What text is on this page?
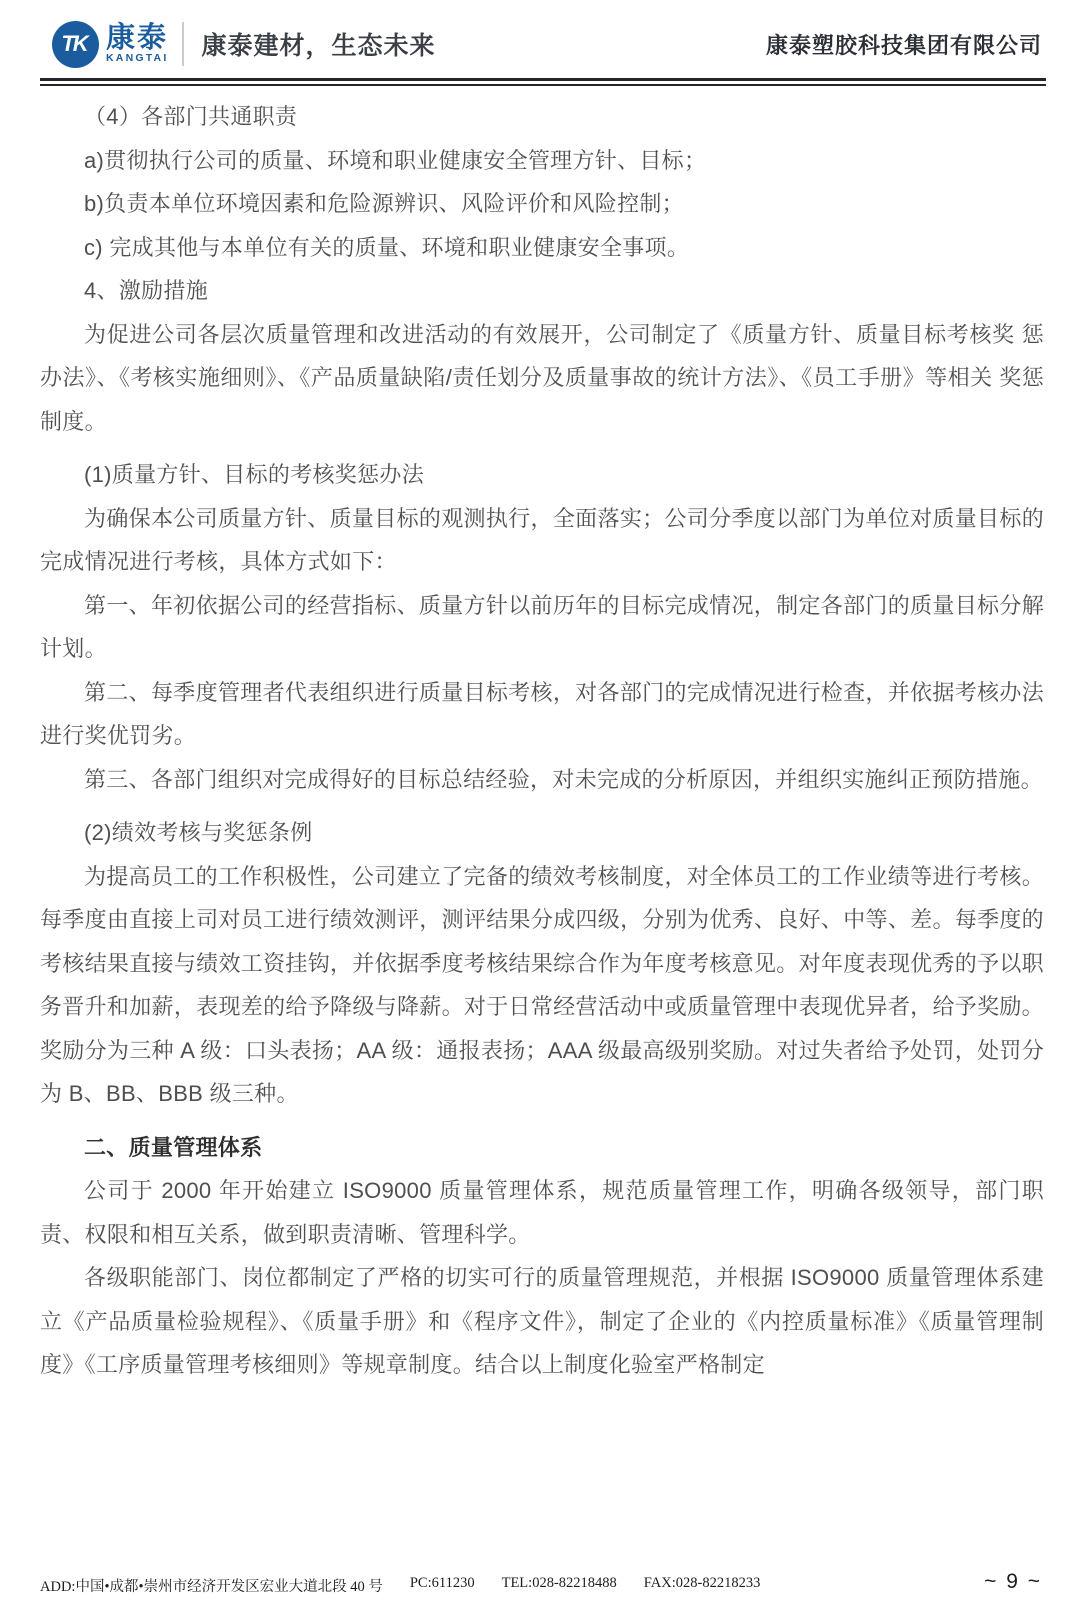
TK 康泰
KANGTAI 康泰建材，生态未来	康泰塑胶科技集团有限公司

（4）各部门共通职责

a)贯彻执行公司的质量、环境和职业健康安全管理方针、目标；

b)负责本单位环境因素和危险源辨识、风险评价和风险控制；

c) 完成其他与本单位有关的质量、环境和职业健康安全事项。

4、激励措施

为促进公司各层次质量管理和改进活动的有效展开，公司制定了《质量方针、质量目标考核奖 惩办法》、《考核实施细则》、《产品质量缺陷/责任划分及质量事故的统计方法》、《员工手册》等相关 奖惩制度。

(1)质量方针、目标的考核奖惩办法

为确保本公司质量方针、质量目标的观测执行，全面落实；公司分季度以部门为单位对质量目标的完成情况进行考核，具体方式如下：

第一、年初依据公司的经营指标、质量方针以前历年的目标完成情况，制定各部门的质量目标分解计划。

第二、每季度管理者代表组织进行质量目标考核，对各部门的完成情况进行检查，并依据考核办法进行奖优罚劣。

第三、各部门组织对完成得好的目标总结经验，对未完成的分析原因，并组织实施纠正预防措施。

(2)绩效考核与奖惩条例

为提高员工的工作积极性，公司建立了完备的绩效考核制度，对全体员工的工作业绩等进行考核。每季度由直接上司对员工进行绩效测评，测评结果分成四级，分别为优秀、良好、中等、差。每季度的考核结果直接与绩效工资挂钩，并依据季度考核结果综合作为年度考核意见。对年度表现优秀的予以职务晋升和加薪，表现差的给予降级与降薪。对于日常经营活动中或质量管理中表现优异者，给予奖励。奖励分为三种 A 级：口头表扬；AA 级：通报表扬；AAA 级最高级别奖励。对过失者给予处罚，处罚分为 B、BB、BBB 级三种。

二、质量管理体系

公司于 2000 年开始建立 ISO9000 质量管理体系，规范质量管理工作，明确各级领导，部门职责、权限和相互关系，做到职责清晰、管理科学。

各级职能部门、岗位都制定了严格的切实可行的质量管理规范，并根据 ISO9000 质量管理体系建立《产品质量检验规程》、《质量手册》和《程序文件》，制定了企业的《内控质量标准》《质量管理制度》《工序质量管理考核细则》等规章制度。结合以上制度化验室严格制定

ADD:中国•成都•崇州市经济开发区宏业大道北段 40 号 PC:611230 TEL:028-82218488 FAX:028-82218233	~ 9 ~
